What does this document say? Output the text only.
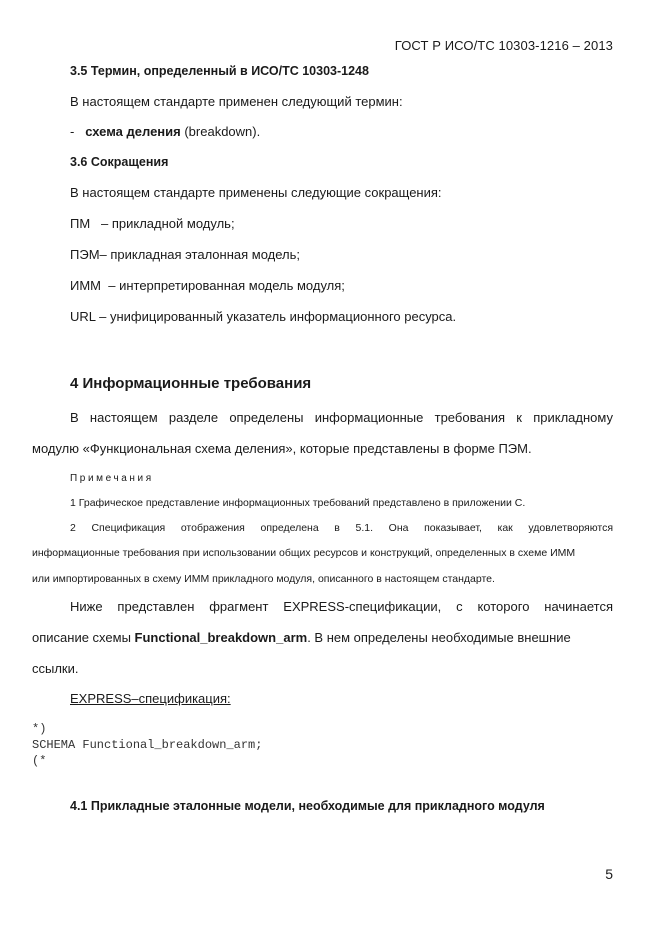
ГОСТ Р ИСО/ТС 10303-1216 – 2013
3.5 Термин, определенный в ИСО/ТС 10303-1248
В настоящем стандарте применен следующий термин:
- схема деления (breakdown).
3.6 Сокращения
В настоящем стандарте применены следующие сокращения:
ПМ   – прикладной модуль;
ПЭМ– прикладная эталонная модель;
ИММ  – интерпретированная модель модуля;
URL – унифицированный указатель информационного ресурса.
4 Информационные требования
В настоящем разделе определены информационные требования к прикладному
модулю «Функциональная схема деления», которые представлены в форме ПЭМ.
Примечания
1 Графическое представление информационных требований представлено в приложении С.
2 Спецификация отображения определена в 5.1. Она показывает, как удовлетворяются
информационные требования при использовании общих ресурсов и конструкций, определенных в схеме ИММ
или импортированных в схему ИММ прикладного модуля, описанного в настоящем стандарте.
Ниже представлен фрагмент EXPRESS-спецификации, с которого начинается
описание схемы Functional_breakdown_arm. В нем определены необходимые внешние
ссылки.
EXPRESS–спецификация:
*)
SCHEMA Functional_breakdown_arm;
(*
4.1 Прикладные эталонные модели, необходимые для прикладного модуля
5
